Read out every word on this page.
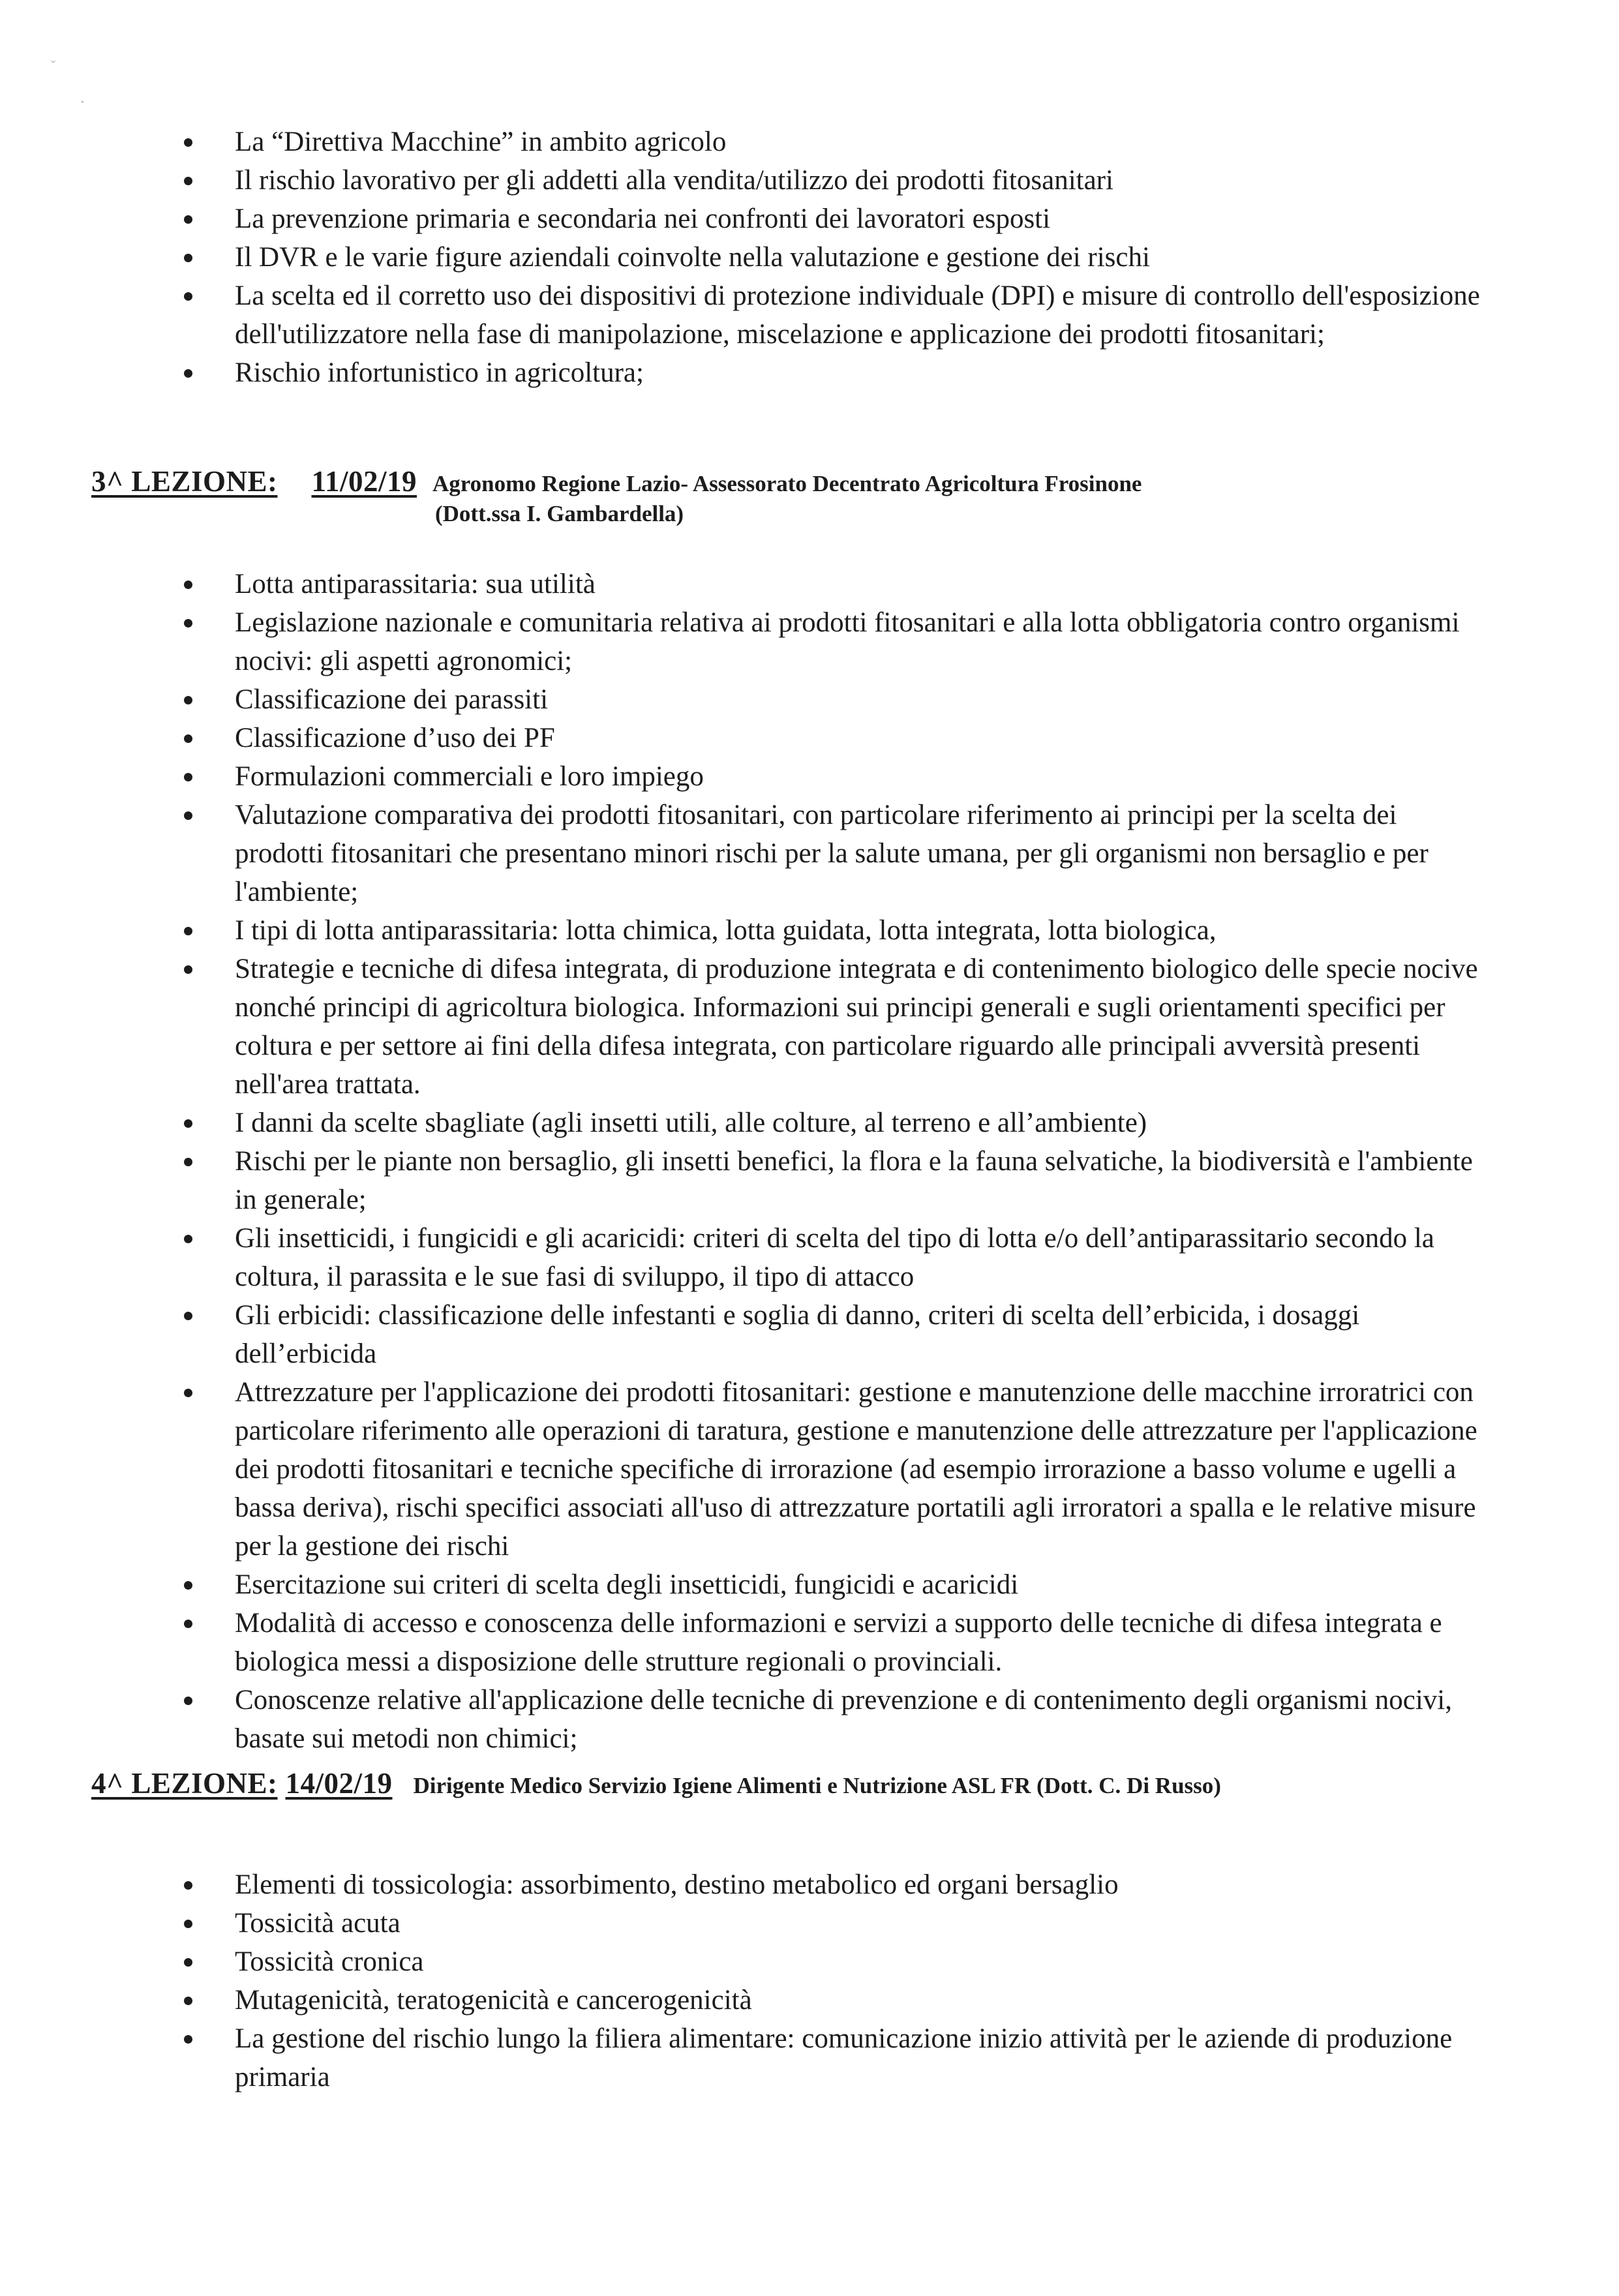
ˇ
•
La “Direttiva Macchine” in ambito agricolo
Il rischio lavorativo per gli addetti alla vendita/utilizzo dei prodotti fitosanitari
La prevenzione primaria e secondaria nei confronti dei lavoratori esposti
Il DVR e le varie figure aziendali coinvolte nella valutazione e gestione dei rischi
La scelta ed il corretto uso dei dispositivi di protezione individuale (DPI) e misure di controllo dell'esposizione dell'utilizzatore nella fase di manipolazione, miscelazione e applicazione dei prodotti fitosanitari;
Rischio infortunistico in agricoltura;
3^ LEZIONE: 11/02/19 Agronomo Regione Lazio- Assessorato Decentrato Agricoltura Frosinone
(Dott.ssa I. Gambardella)
Lotta antiparassitaria: sua utilità
Legislazione nazionale e comunitaria relativa ai prodotti fitosanitari e alla lotta obbligatoria contro organismi nocivi: gli aspetti agronomici;
Classificazione dei parassiti
Classificazione d’uso dei PF
Formulazioni commerciali e loro impiego
Valutazione comparativa dei prodotti fitosanitari, con particolare riferimento ai principi per la scelta dei prodotti fitosanitari che presentano minori rischi per la salute umana, per gli organismi non bersaglio e per l'ambiente;
I tipi di lotta antiparassitaria: lotta chimica, lotta guidata, lotta integrata, lotta biologica,
Strategie e tecniche di difesa integrata, di produzione integrata e di contenimento biologico delle specie nocive nonché principi di agricoltura biologica. Informazioni sui principi generali e sugli orientamenti specifici per coltura e per settore ai fini della difesa integrata, con particolare riguardo alle principali avversità presenti nell'area trattata.
I danni da scelte sbagliate (agli insetti utili, alle colture, al terreno e all’ambiente)
Rischi per le piante non bersaglio, gli insetti benefici, la flora e la fauna selvatiche, la biodiversità e l'ambiente in generale;
Gli insetticidi, i fungicidi e gli acaricidi: criteri di scelta del tipo di lotta e/o dell’antiparassitario secondo la coltura, il parassita e le sue fasi di sviluppo, il tipo di attacco
Gli erbicidi: classificazione delle infestanti e soglia di danno, criteri di scelta dell’erbicida, i dosaggi dell’erbicida
Attrezzature per l'applicazione dei prodotti fitosanitari: gestione e manutenzione delle macchine irroratrici con particolare riferimento alle operazioni di taratura, gestione e manutenzione delle attrezzature per l'applicazione dei prodotti fitosanitari e tecniche specifiche di irrorazione (ad esempio irrorazione a basso volume e ugelli a bassa deriva), rischi specifici associati all'uso di attrezzature portatili agli irroratori a spalla e le relative misure per la gestione dei rischi
Esercitazione sui criteri di scelta degli insetticidi, fungicidi e acaricidi
Modalità di accesso e conoscenza delle informazioni e servizi a supporto delle tecniche di difesa integrata e biologica messi a disposizione delle strutture regionali o provinciali.
Conoscenze relative all'applicazione delle tecniche di prevenzione e di contenimento degli organismi nocivi, basate sui metodi non chimici;
4^ LEZIONE: 14/02/19 Dirigente Medico Servizio Igiene Alimenti e Nutrizione ASL FR (Dott. C. Di Russo)
Elementi di tossicologia: assorbimento, destino metabolico ed organi bersaglio
Tossicità acuta
Tossicità cronica
Mutagenicità, teratogenicità e cancerogenicità
La gestione del rischio lungo la filiera alimentare: comunicazione inizio attività per le aziende di produzione primaria
